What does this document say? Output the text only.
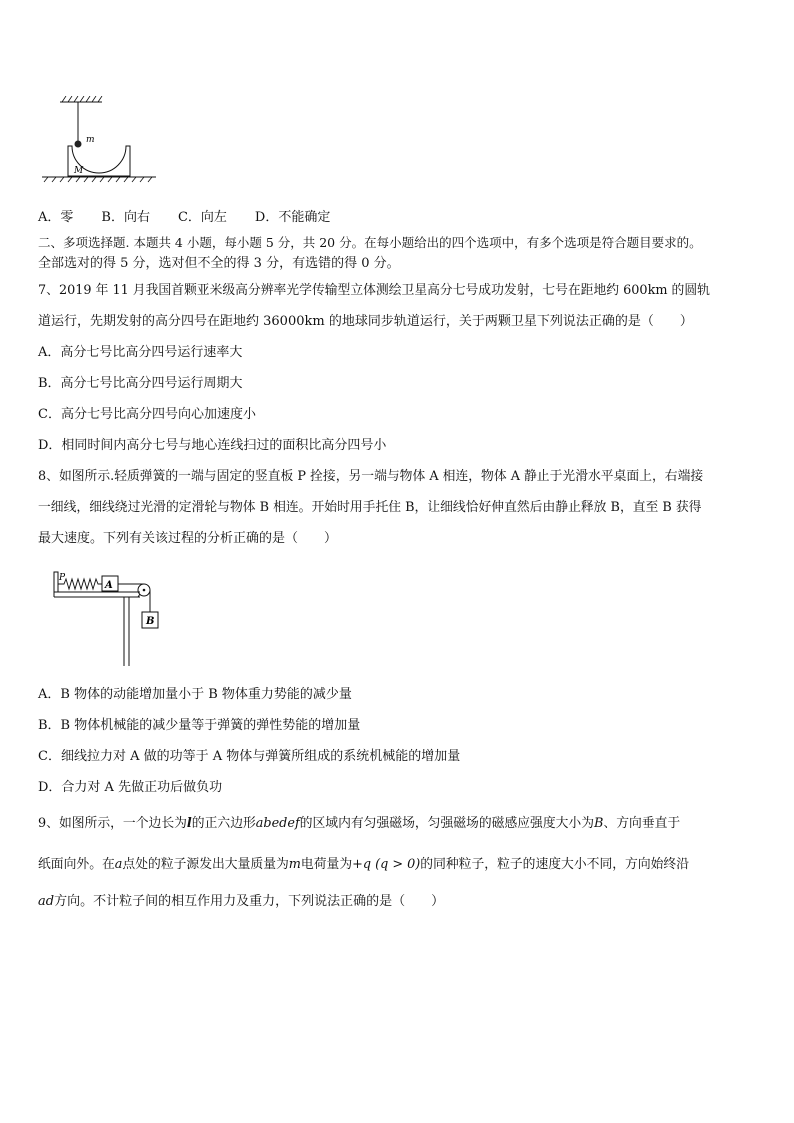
m
M
A．零 B．向右 C．向左 D．不能确定
二、多项选择题. 本题共 4 小题，每小题 5 分，共 20 分。在每小题给出的四个选项中，有多个选项是符合题目要求的。
全部选对的得 5 分，选对但不全的得 3 分，有选错的得 0 分。
7、2019 年 11 月我国首颗亚米级高分辨率光学传输型立体测绘卫星高分七号成功发射，七号在距地约 600km 的圆轨
道运行，先期发射的高分四号在距地约 36000km 的地球同步轨道运行，关于两颗卫星下列说法正确的是（　　）
A．高分七号比高分四号运行速率大
B．高分七号比高分四号运行周期大
C．高分七号比高分四号向心加速度小
D．相同时间内高分七号与地心连线扫过的面积比高分四号小
8、如图所示.轻质弹簧的一端与固定的竖直板 P 拴接，另一端与物体 A 相连，物体 A 静止于光滑水平桌面上，右端接
一细线，细线绕过光滑的定滑轮与物体 B 相连。开始时用手托住 B，让细线恰好伸直然后由静止释放 B，直至 B 获得
最大速度。下列有关该过程的分析正确的是（　　）
P
A
B
A．B 物体的动能增加量小于 B 物体重力势能的减少量
B．B 物体机械能的减少量等于弹簧的弹性势能的增加量
C．细线拉力对 A 做的功等于 A 物体与弹簧所组成的系统机械能的增加量
D．合力对 A 先做正功后做负功
9、如图所示，一个边长为l的正六边形abedef的区域内有匀强磁场，匀强磁场的磁感应强度大小为B、方向垂直于
纸面向外。在a点处的粒子源发出大量质量为m电荷量为+q (q > 0)的同种粒子，粒子的速度大小不同，方向始终沿
ad方向。不计粒子间的相互作用力及重力，下列说法正确的是（　　）
